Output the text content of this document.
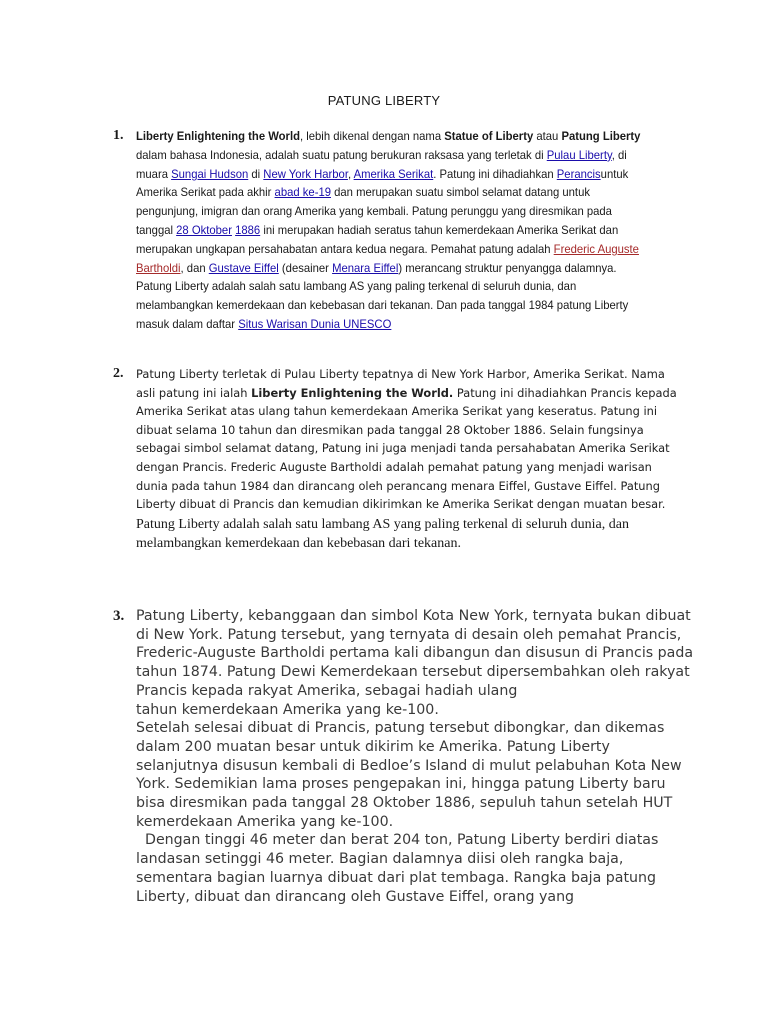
PATUNG LIBERTY
1. Liberty Enlightening the World, lebih dikenal dengan nama Statue of Liberty atau Patung Liberty dalam bahasa Indonesia, adalah suatu patung berukuran raksasa yang terletak di Pulau Liberty, di muara Sungai Hudson di New York Harbor, Amerika Serikat. Patung ini dihadiahkan Perancisuntuk Amerika Serikat pada akhir abad ke-19 dan merupakan suatu simbol selamat datang untuk pengunjung, imigran dan orang Amerika yang kembali. Patung perunggu yang diresmikan pada tanggal 28 Oktober 1886 ini merupakan hadiah seratus tahun kemerdekaan Amerika Serikat dan merupakan ungkapan persahabatan antara kedua negara. Pemahat patung adalah Frederic Auguste Bartholdi, dan Gustave Eiffel (desainer Menara Eiffel) merancang struktur penyangga dalamnya. Patung Liberty adalah salah satu lambang AS yang paling terkenal di seluruh dunia, dan melambangkan kemerdekaan dan kebebasan dari tekanan. Dan pada tanggal 1984 patung Liberty masuk dalam daftar Situs Warisan Dunia UNESCO
2. Patung Liberty terletak di Pulau Liberty tepatnya di New York Harbor, Amerika Serikat. Nama asli patung ini ialah Liberty Enlightening the World. Patung ini dihadiahkan Prancis kepada Amerika Serikat atas ulang tahun kemerdekaan Amerika Serikat yang keseratus. Patung ini dibuat selama 10 tahun dan diresmikan pada tanggal 28 Oktober 1886. Selain fungsinya sebagai simbol selamat datang, Patung ini juga menjadi tanda persahabatan Amerika Serikat dengan Prancis. Frederic Auguste Bartholdi adalah pemahat patung yang menjadi warisan dunia pada tahun 1984 dan dirancang oleh perancang menara Eiffel, Gustave Eiffel. Patung Liberty dibuat di Prancis dan kemudian dikirimkan ke Amerika Serikat dengan muatan besar. Patung Liberty adalah salah satu lambang AS yang paling terkenal di seluruh dunia, dan melambangkan kemerdekaan dan kebebasan dari tekanan.
3. Patung Liberty, kebanggaan dan simbol Kota New York, ternyata bukan dibuat di New York. Patung tersebut, yang ternyata di desain oleh pemahat Prancis, Frederic-Auguste Bartholdi pertama kali dibangun dan disusun di Prancis pada tahun 1874. Patung Dewi Kemerdekaan tersebut dipersembahkan oleh rakyat Prancis kepada rakyat Amerika, sebagai hadiah ulang
tahun kemerdekaan Amerika yang ke-100.
Setelah selesai dibuat di Prancis, patung tersebut dibongkar, dan dikemas dalam 200 muatan besar untuk dikirim ke Amerika. Patung Liberty selanjutnya disusun kembali di Bedloe’s Island di mulut pelabuhan Kota New York. Sedemikian lama proses pengepakan ini, hingga patung Liberty baru bisa diresmikan pada tanggal 28 Oktober 1886, sepuluh tahun setelah HUT kemerdekaan Amerika yang ke-100.
Dengan tinggi 46 meter dan berat 204 ton, Patung Liberty berdiri diatas landasan setinggi 46 meter. Bagian dalamnya diisi oleh rangka baja, sementara bagian luarnya dibuat dari plat tembaga. Rangka baja patung Liberty, dibuat dan dirancang oleh Gustave Eiffel, orang yang
